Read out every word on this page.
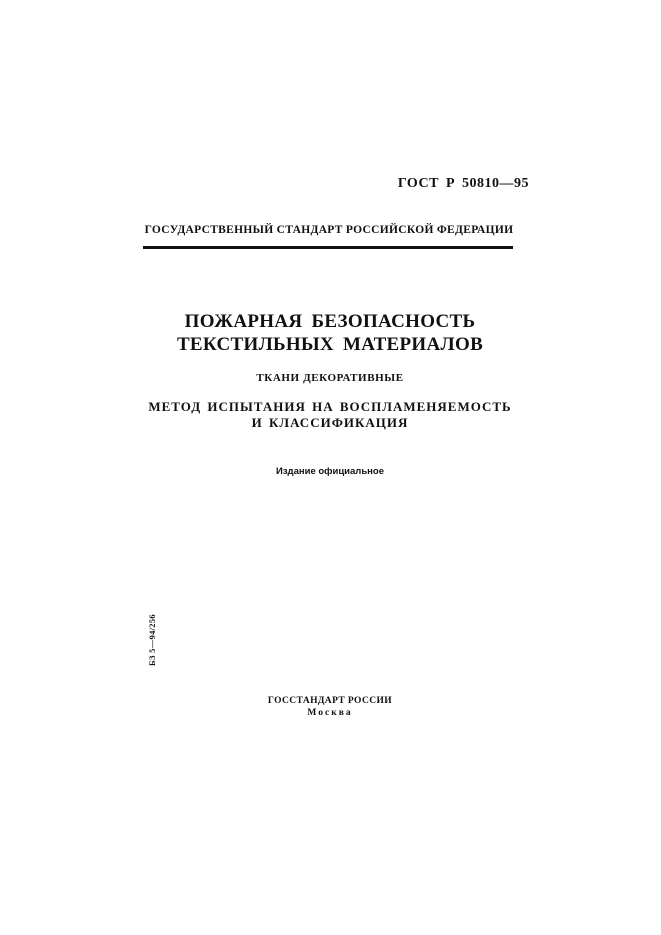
ГОСТ Р 50810—95
ГОСУДАРСТВЕННЫЙ СТАНДАРТ РОССИЙСКОЙ ФЕДЕРАЦИИ
ПОЖАРНАЯ БЕЗОПАСНОСТЬ
ТЕКСТИЛЬНЫХ МАТЕРИАЛОВ
ТКАНИ ДЕКОРАТИВНЫЕ
МЕТОД ИСПЫТАНИЯ НА ВОСПЛАМЕНЯЕМОСТЬ
И КЛАССИФИКАЦИЯ
Издание официальное
БЗ 5—94/256
ГОССТАНДАРТ РОССИИ
Москва
